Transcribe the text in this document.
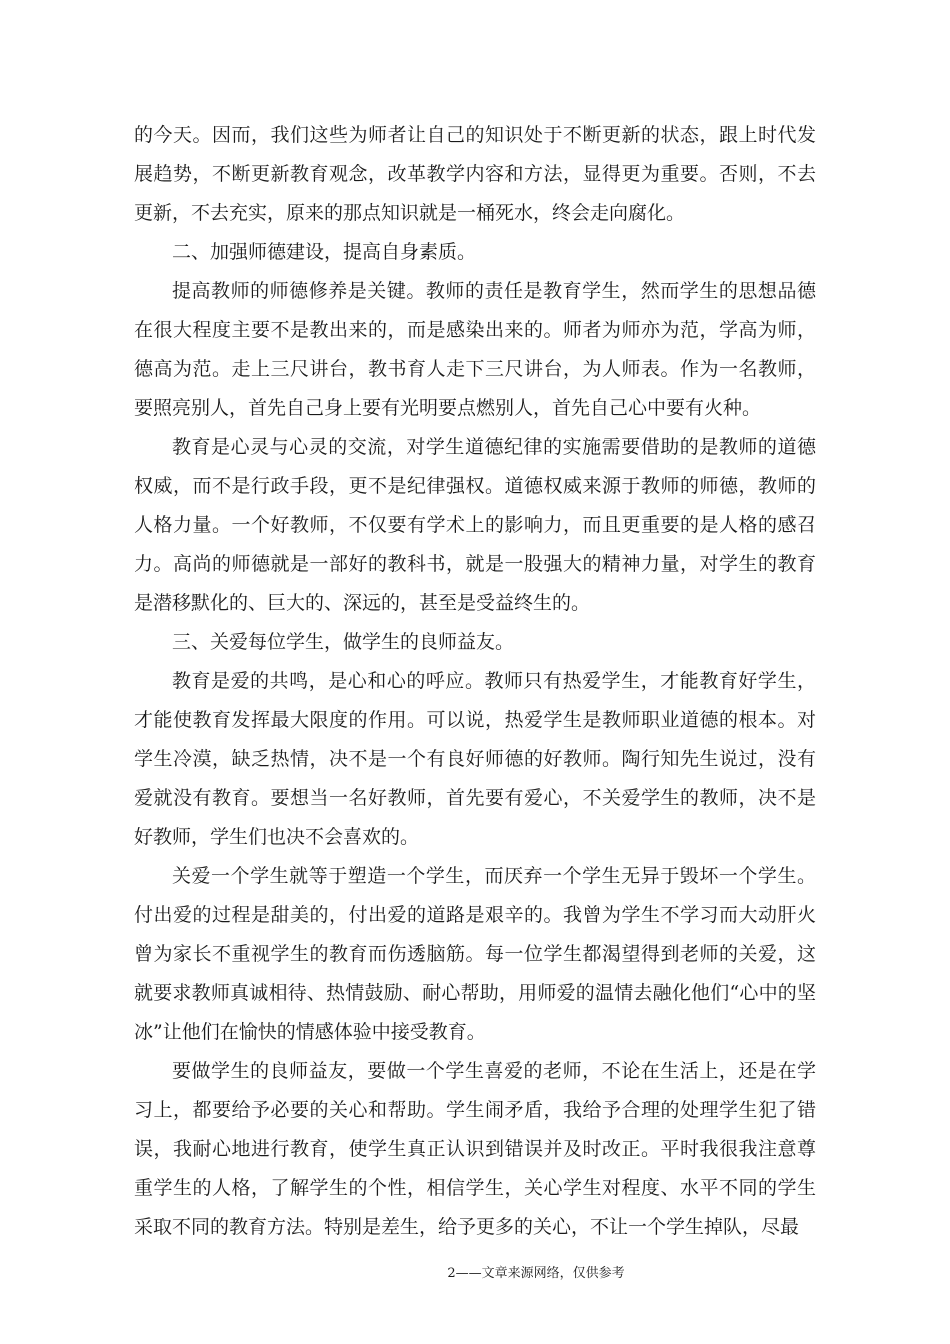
的今天。因而，我们这些为师者让自己的知识处于不断更新的状态，跟上时代发展趋势，不断更新教育观念，改革教学内容和方法，显得更为重要。否则，不去更新，不去充实，原来的那点知识就是一桶死水，终会走向腐化。

二、加强师德建设，提高自身素质。

提高教师的师德修养是关键。教师的责任是教育学生，然而学生的思想品德在很大程度主要不是教出来的，而是感染出来的。师者为师亦为范，学高为师，德高为范。走上三尺讲台，教书育人走下三尺讲台，为人师表。作为一名教师，要照亮别人，首先自己身上要有光明要点燃别人，首先自己心中要有火种。

教育是心灵与心灵的交流，对学生道德纪律的实施需要借助的是教师的道德权威，而不是行政手段，更不是纪律强权。道德权威来源于教师的师德，教师的人格力量。一个好教师，不仅要有学术上的影响力，而且更重要的是人格的感召力。高尚的师德就是一部好的教科书，就是一股强大的精神力量，对学生的教育是潜移默化的、巨大的、深远的，甚至是受益终生的。

三、关爱每位学生，做学生的良师益友。

教育是爱的共鸣，是心和心的呼应。教师只有热爱学生，才能教育好学生，才能使教育发挥最大限度的作用。可以说，热爱学生是教师职业道德的根本。对学生冷漠，缺乏热情，决不是一个有良好师德的好教师。陶行知先生说过，没有爱就没有教育。要想当一名好教师，首先要有爱心，不关爱学生的教师，决不是好教师，学生们也决不会喜欢的。

关爱一个学生就等于塑造一个学生，而厌弃一个学生无异于毁坏一个学生。付出爱的过程是甜美的，付出爱的道路是艰辛的。我曾为学生不学习而大动肝火曾为家长不重视学生的教育而伤透脑筋。每一位学生都渴望得到老师的关爱，这就要求教师真诚相待、热情鼓励、耐心帮助，用师爱的温情去融化他们“心中的坚冰”让他们在愉快的情感体验中接受教育。

要做学生的良师益友，要做一个学生喜爱的老师，不论在生活上，还是在学习上，都要给予必要的关心和帮助。学生闹矛盾，我给予合理的处理学生犯了错误，我耐心地进行教育，使学生真正认识到错误并及时改正。平时我很我注意尊重学生的人格，了解学生的个性，相信学生，关心学生对程度、水平不同的学生采取不同的教育方法。特别是差生，给予更多的关心，不让一个学生掉队，尽最

2——文章来源网络，仅供参考
